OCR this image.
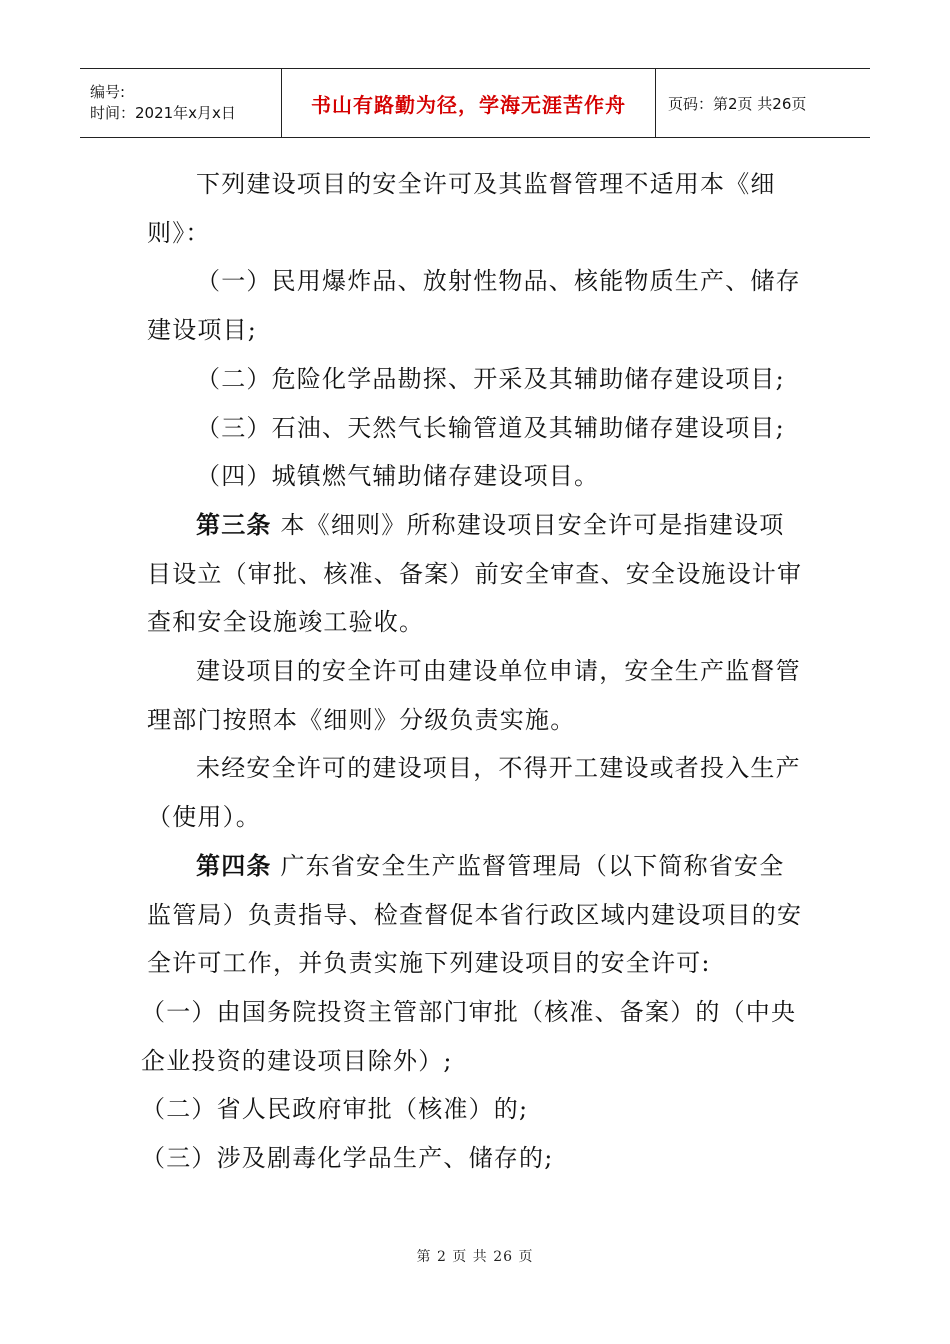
编号:
时间：2021年x月x日	书山有路勤为径，学海无涯苦作舟	页码：第2页 共26页

下列建设项目的安全许可及其监督管理不适用本《细则》：

（一）民用爆炸品、放射性物品、核能物质生产、储存建设项目;

（二）危险化学品勘探、开采及其辅助储存建设项目;

（三）石油、天然气长输管道及其辅助储存建设项目;

（四）城镇燃气辅助储存建设项目。

第三条 本《细则》所称建设项目安全许可是指建设项目设立（审批、核准、备案）前安全审查、安全设施设计审查和安全设施竣工验收。

建设项目的安全许可由建设单位申请，安全生产监督管理部门按照本《细则》分级负责实施。

未经安全许可的建设项目，不得开工建设或者投入生产（使用）。

第四条 广东省安全生产监督管理局（以下简称省安全监管局）负责指导、检查督促本省行政区域内建设项目的安全许可工作，并负责实施下列建设项目的安全许可:

（一）由国务院投资主管部门审批（核准、备案）的（中央企业投资的建设项目除外）;

（二）省人民政府审批（核准）的;

（三）涉及剧毒化学品生产、储存的;

第 2 页 共 26 页
